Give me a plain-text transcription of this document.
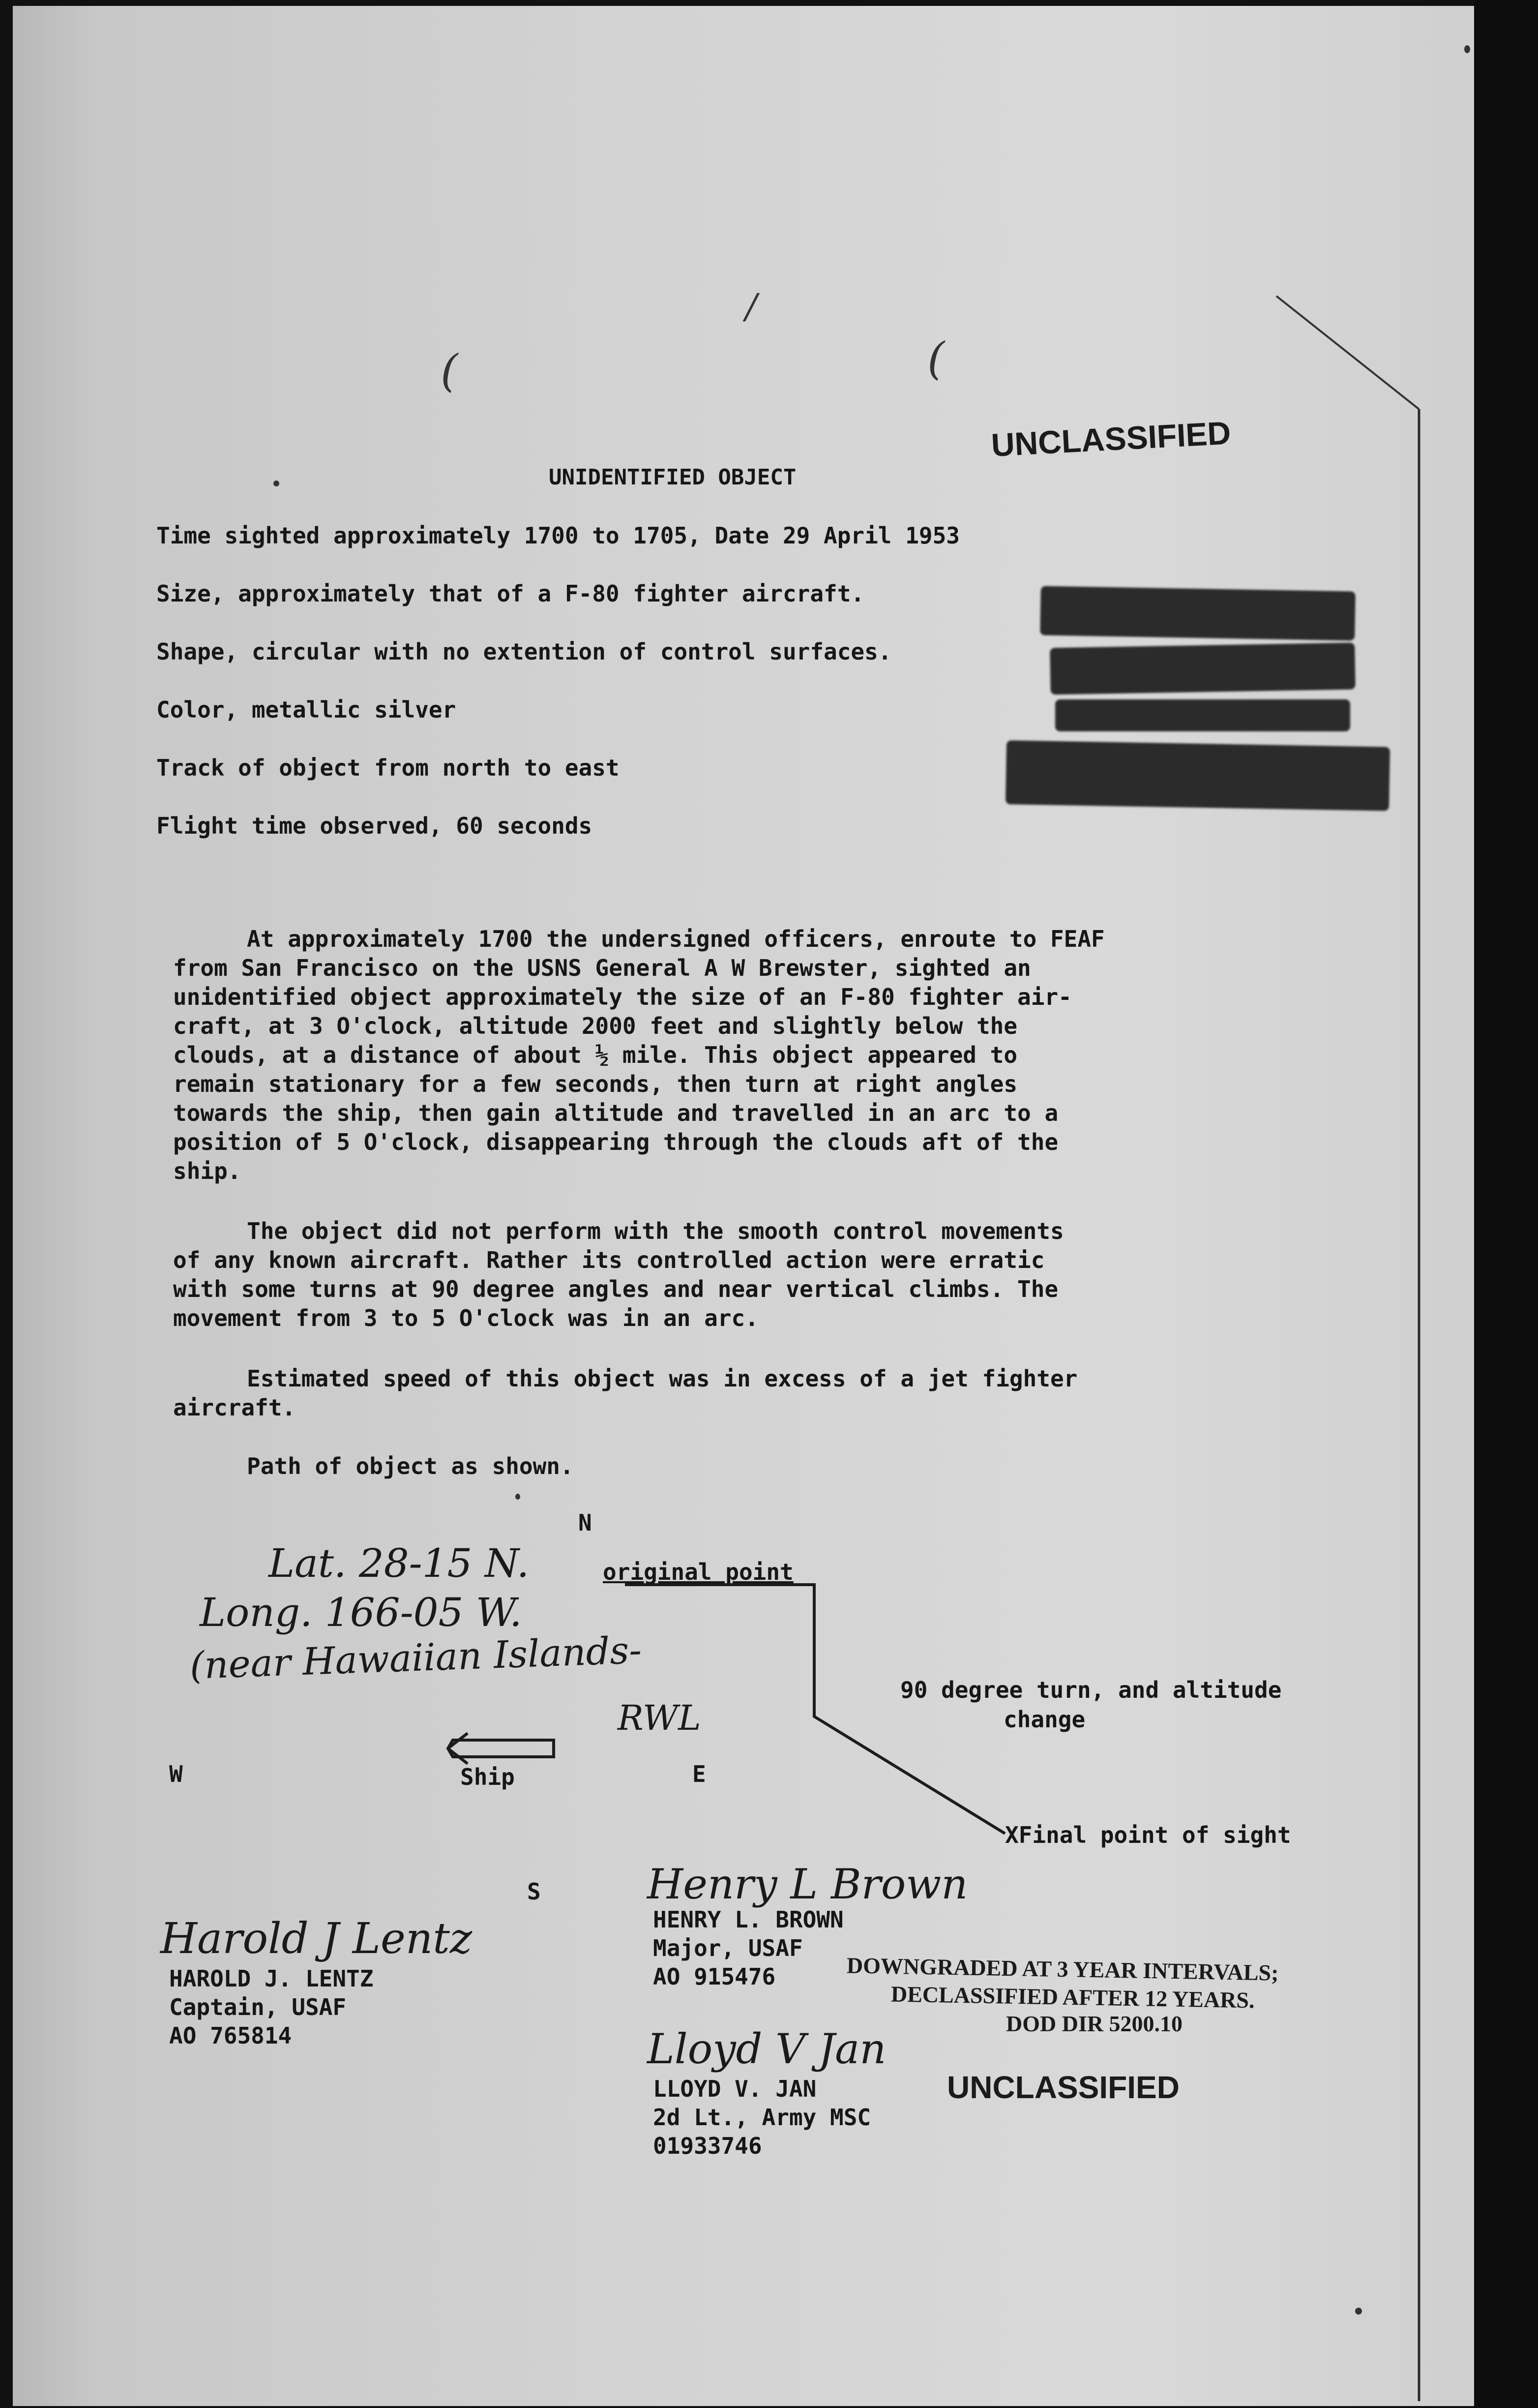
(	(
/
UNIDENTIFIED OBJECT
UNCLASSIFIED
Time sighted approximately 1700 to 1705, Date 29 April 1953
Size, approximately that of a F-80 fighter aircraft.
Shape, circular with no extention of control surfaces.
Color, metallic silver
Track of object from north to east
Flight time observed, 60 seconds
At approximately 1700 the undersigned officers, enroute to FEAF
from San Francisco on the USNS General A W Brewster, sighted an
unidentified object approximately the size of an F-80 fighter air-
craft, at 3 O'clock, altitude 2000 feet and slightly below the
clouds, at a distance of about ½ mile. This object appeared to
remain stationary for a few seconds, then turn at right angles
towards the ship, then gain altitude and travelled in an arc to a
position of 5 O'clock, disappearing through the clouds aft of the
ship.
The object did not perform with the smooth control movements
of any known aircraft. Rather its controlled action were erratic
with some turns at 90 degree angles and near vertical climbs. The
movement from 3 to 5 O'clock was in an arc.
Estimated speed of this object was in excess of a jet fighter
aircraft.
Path of object as shown.
N
S
W	E
original point
90 degree turn, and altitude
change
Ship
XFinal point of sight
Lat. 28-15 N.
Long. 166-05 W.
(near Hawaiian Islands-
RWL
Harold J Lentz
HAROLD J. LENTZ
Captain, USAF
AO 765814
Henry L Brown
HENRY L. BROWN
Major, USAF
AO 915476
Lloyd V Jan
LLOYD V. JAN
2d Lt., Army MSC
01933746
DOWNGRADED AT 3 YEAR INTERVALS;
DECLASSIFIED AFTER 12 YEARS.
DOD DIR 5200.10
UNCLASSIFIED
